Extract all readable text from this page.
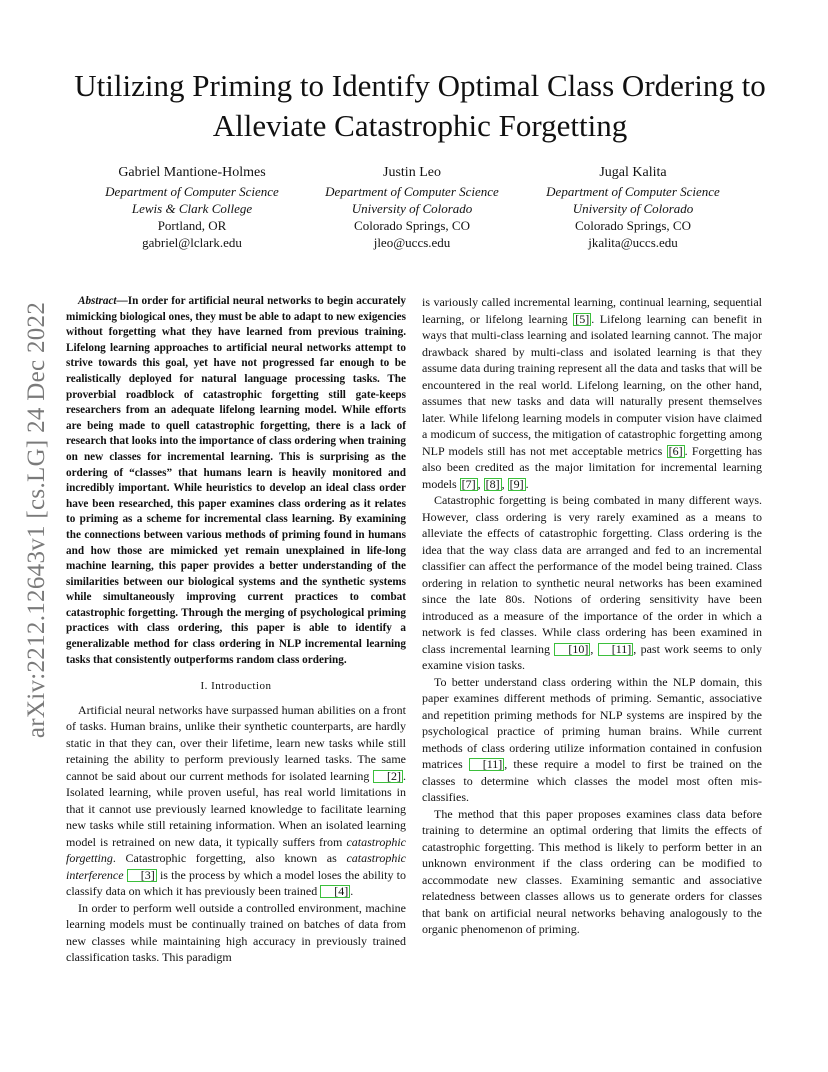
arXiv:2212.12643v1 [cs.LG] 24 Dec 2022
Utilizing Priming to Identify Optimal Class Ordering to Alleviate Catastrophic Forgetting
Gabriel Mantione-Holmes
Department of Computer Science
Lewis & Clark College
Portland, OR
gabriel@lclark.edu
Justin Leo
Department of Computer Science
University of Colorado
Colorado Springs, CO
jleo@uccs.edu
Jugal Kalita
Department of Computer Science
University of Colorado
Colorado Springs, CO
jkalita@uccs.edu

Abstract—In order for artificial neural networks to begin accurately mimicking biological ones, they must be able to adapt to new exigencies without forgetting what they have learned from previous training. Lifelong learning approaches to artificial neural networks attempt to strive towards this goal, yet have not progressed far enough to be realistically deployed for natural language processing tasks. The proverbial roadblock of catastrophic forgetting still gate-keeps researchers from an adequate lifelong learning model. While efforts are being made to quell catastrophic forgetting, there is a lack of research that looks into the importance of class ordering when training on new classes for incremental learning. This is surprising as the ordering of “classes” that humans learn is heavily monitored and incredibly important. While heuristics to develop an ideal class order have been researched, this paper examines class ordering as it relates to priming as a scheme for incremental class learning. By examining the connections between various methods of priming found in humans and how those are mimicked yet remain unexplained in life-long machine learning, this paper provides a better understanding of the similarities between our biological systems and the synthetic systems while simultaneously improving current practices to combat catastrophic forgetting. Through the merging of psychological priming practices with class ordering, this paper is able to identify a generalizable method for class ordering in NLP incremental learning tasks that consistently outperforms random class ordering.

I. Introduction

Artificial neural networks have surpassed human abilities on a front of tasks. Human brains, unlike their synthetic counterparts, are hardly static in that they can, over their lifetime, learn new tasks while still retaining the ability to perform previously learned tasks. The same cannot be said about our current methods for isolated learning [2] . Isolated learning, while proven useful, has real world limitations in that it cannot use previously learned knowledge to facilitate learning new tasks while still retaining information. When an isolated learning model is retrained on new data, it typically suffers from catastrophic forgetting. Catastrophic forgetting, also known as catastrophic interference [3] is the process by which a model loses the ability to classify data on which it has previously been trained [4] .

In order to perform well outside a controlled environment, machine learning models must be continually trained on batches of data from new classes while maintaining high accuracy in previously trained classification tasks. This paradigm

is variously called incremental learning, continual learning, sequential learning, or lifelong learning [5] . Lifelong learning can benefit in ways that multi-class learning and isolated learning cannot. The major drawback shared by multi-class and isolated learning is that they assume data during training represent all the data and tasks that will be encountered in the real world. Lifelong learning, on the other hand, assumes that new tasks and data will naturally present themselves later. While lifelong learning models in computer vision have claimed a modicum of success, the mitigation of catastrophic forgetting among NLP models still has not met acceptable metrics [6] . Forgetting has also been credited as the major limitation for incremental learning models [7] , [8] , [9] .

Catastrophic forgetting is being combated in many different ways. However, class ordering is very rarely examined as a means to alleviate the effects of catastrophic forgetting. Class ordering is the idea that the way class data are arranged and fed to an incremental classifier can affect the performance of the model being trained. Class ordering in relation to synthetic neural networks has been examined since the late 80s. Notions of ordering sensitivity have been introduced as a measure of the importance of the order in which a network is fed classes. While class ordering has been examined in class incremental learning [10] , [11] , past work seems to only examine vision tasks.

To better understand class ordering within the NLP domain, this paper examines different methods of priming. Semantic, associative and repetition priming methods for NLP systems are inspired by the psychological practice of priming human brains. While current methods of class ordering utilize information contained in confusion matrices [11] , these require a model to first be trained on the classes to determine which classes the model most often mis-classifies.

The method that this paper proposes examines class data before training to determine an optimal ordering that limits the effects of catastrophic forgetting. This method is likely to perform better in an unknown environment if the class ordering can be modified to accommodate new classes. Examining semantic and associative relatedness between classes allows us to generate orders for classes that bank on artificial neural networks behaving analogously to the organic phenomenon of priming.
